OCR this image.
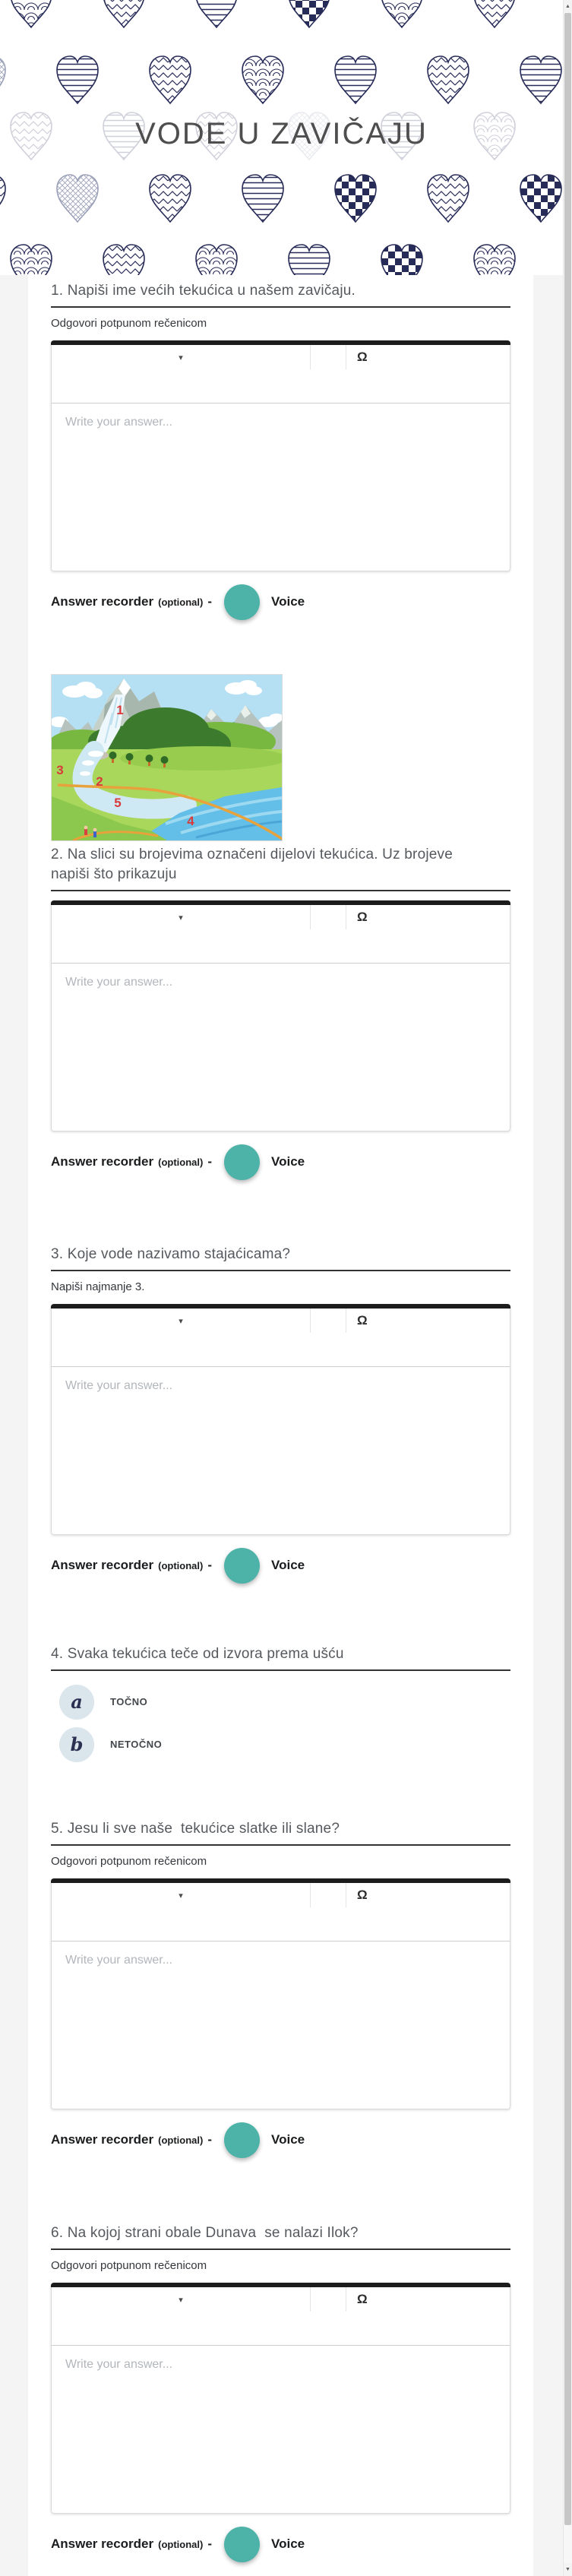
VODE U ZAVIČAJU
1. Napiši ime većih tekućica u našem zavičaju.
Odgovori potpunom rečenicom
▾	Ω
Write your answer...
Answer recorder (optional) -	Voice
1
2
3
4
5
2. Na slici su brojevima označeni dijelovi tekućica. Uz brojeve napiši što prikazuju
▾	Ω
Write your answer...
Answer recorder (optional) -	Voice
3. Koje vode nazivamo stajaćicama?
Napiši najmanje 3.
▾	Ω
Write your answer...
Answer recorder (optional) -	Voice
4. Svaka tekućica teče od izvora prema ušću
a	TOČNO
b	NETOČNO
5. Jesu li sve naše  tekućice slatke ili slane?
Odgovori potpunom rečenicom
▾	Ω
Write your answer...
Answer recorder (optional) -	Voice
6. Na kojoj strani obale Dunava  se nalazi Ilok?
Odgovori potpunom rečenicom
▾	Ω
Write your answer...
Answer recorder (optional) -	Voice
▲
▼
